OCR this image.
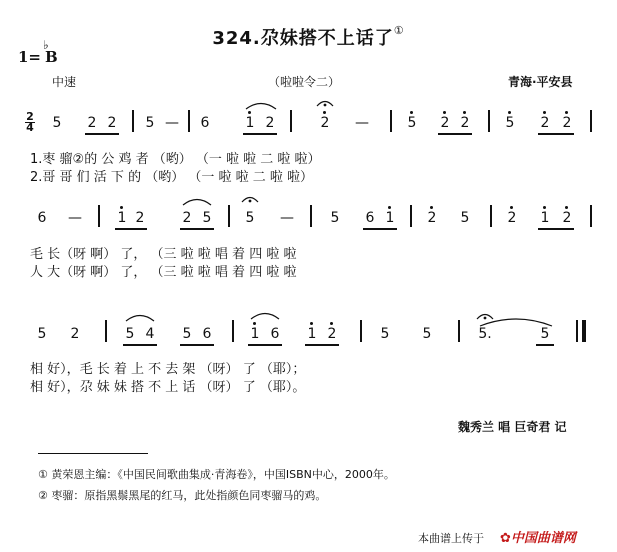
324.尕妹搭不上话了①
1= B
♭
中速	（啦啦令二）	青海·平安县
2
4 5 2 2 5 — 6	1 2	2 —	5 2 2	5 2 2
1.枣 骝②的 公 鸡 者 （哟） （一 啦 啦 二 啦 啦）
2.哥 哥 们 活 下 的 （哟） （一 啦 啦 二 啦 啦）
6 —	1 2	2 5 5 —	5 6 1 2 5	2 1 2
毛 长（呀 啊） 了， （三 啦 啦 唱 着 四 啦 啦
人 大（呀 啊） 了， （三 啦 啦 唱 着 四 啦 啦
5 2	5 4 5 6	1 6 1 2	5 5	5.	5
相 好），毛 长 着 上 不 去 架 （呀） 了 （耶）；
相 好），尕 妹 妹 搭 不 上 话 （呀） 了 （耶）。
魏秀兰 唱 巨奇君 记
① 黄荣恩主编：《中国民间歌曲集成·青海卷》，中国ISBN中心，2000年。
② 枣骝：原指黑鬃黑尾的红马，此处指颜色同枣骝马的鸡。
本曲谱上传于 ✿中国曲谱网
